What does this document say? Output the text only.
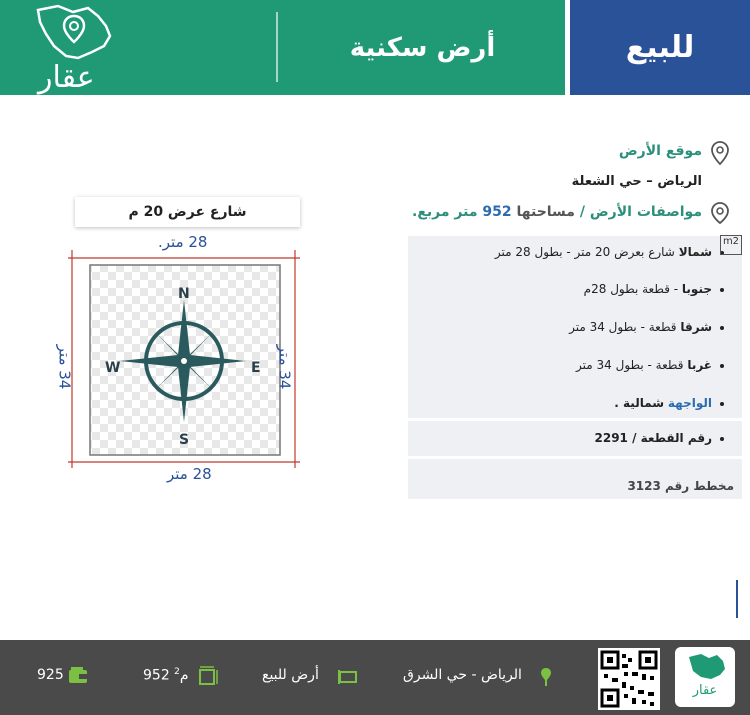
للبيع
أرض سكنية
عقار
موقع الأرض
الرياض – حي الشعلة
مواصفات الأرض / مساحتها 952 متر مربع.
شمالا شارع بعرض 20 متر - بطول 28 متر
جنوبا - قطعة بطول 28م
شرقا قطعة - بطول 34 متر
غربا قطعة - بطول 34 متر
الواجهة شمالية .
m2
رقم القطعة / 2291
مخطط رقم 3123
شارع عرض 20 م
N
S
W	E
28 متر.
28 متر
34 متر
34 متر
عقار
الرياض - حي الشرق
أرض للبيع
952 م$^2$
925
